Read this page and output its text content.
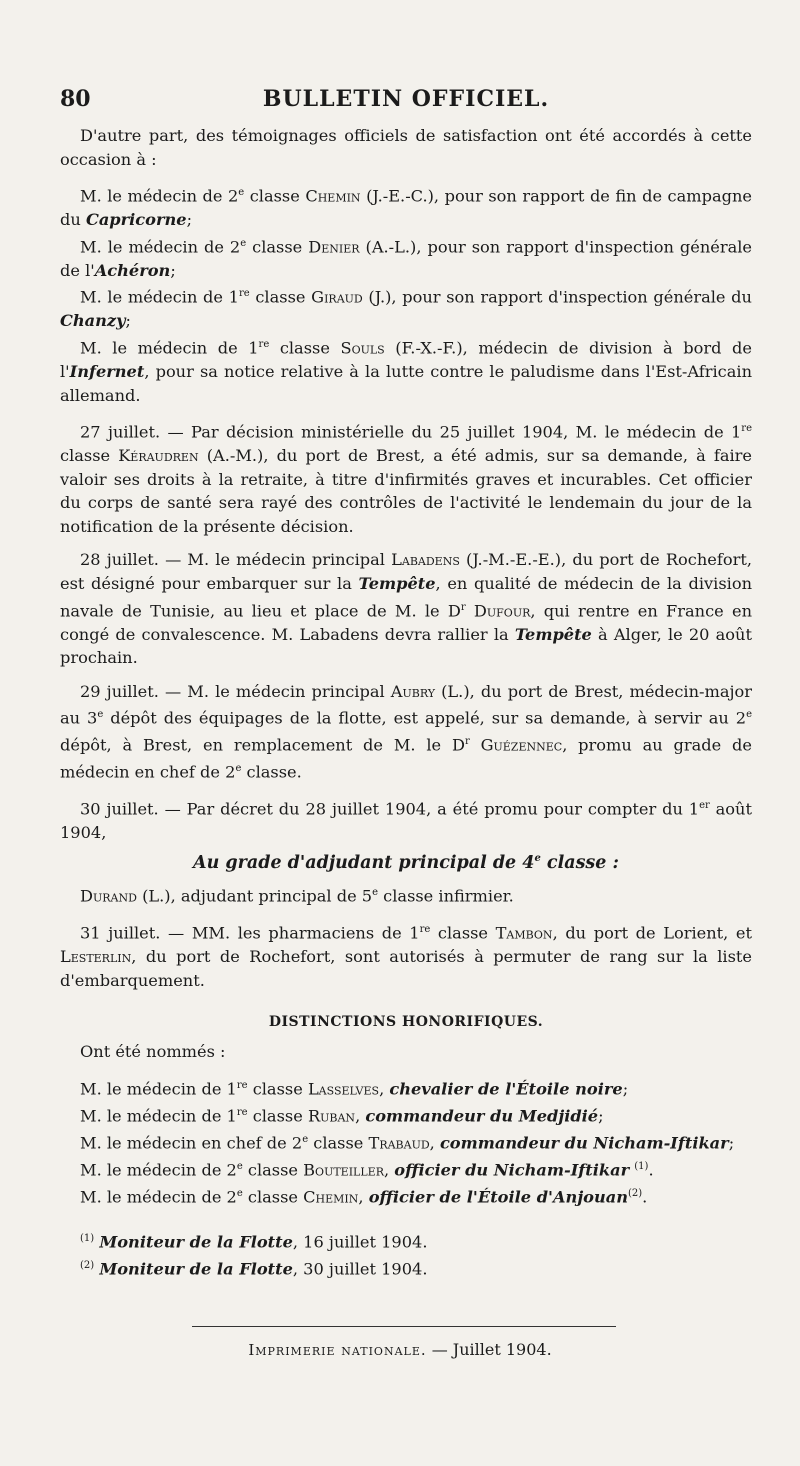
80	BULLETIN OFFICIEL.

D'autre part, des témoignages officiels de satisfaction ont été accordés à cette occasion à :

M. le médecin de 2e classe Chemin (J.-E.-C.), pour son rapport de fin de campagne du Capricorne;

M. le médecin de 2e classe Denier (A.-L.), pour son rapport d'inspection générale de l'Achéron;

M. le médecin de 1re classe Giraud (J.), pour son rapport d'inspection générale du Chanzy;

M. le médecin de 1re classe Souls (F.-X.-F.), médecin de division à bord de l'Infernet, pour sa notice relative à la lutte contre le paludisme dans l'Est-Africain allemand.

27 juillet. — Par décision ministérielle du 25 juillet 1904, M. le médecin de 1re classe Kéraudren (A.-M.), du port de Brest, a été admis, sur sa demande, à faire valoir ses droits à la retraite, à titre d'infirmités graves et incurables. Cet officier du corps de santé sera rayé des contrôles de l'activité le lendemain du jour de la notification de la présente décision.

28 juillet. — M. le médecin principal Labadens (J.-M.-E.-E.), du port de Rochefort, est désigné pour embarquer sur la Tempête, en qualité de médecin de la division navale de Tunisie, au lieu et place de M. le $D^r$ Dufour, qui rentre en France en congé de convalescence. M. Labadens devra rallier la Tempête à Alger, le 20 août prochain.

29 juillet. — M. le médecin principal Aubry (L.), du port de Brest, médecin-major au 3e dépôt des équipages de la flotte, est appelé, sur sa demande, à servir au 2e dépôt, à Brest, en remplacement de M. le $D^r$ Guézennec, promu au grade de médecin en chef de 2e classe.

30 juillet. — Par décret du 28 juillet 1904, a été promu pour compter du 1er août 1904,

Au grade d'adjudant principal de 4e classe :

Durand (L.), adjudant principal de 5e classe infirmier.

31 juillet. — MM. les pharmaciens de 1re classe Tambon, du port de Lorient, et Lesterlin, du port de Rochefort, sont autorisés à permuter de rang sur la liste d'embarquement.

DISTINCTIONS HONORIFIQUES.

Ont été nommés :

M. le médecin de 1re classe Lasselves, chevalier de l'Étoile noire;

M. le médecin de 1re classe Ruban, commandeur du Medjidié;

M. le médecin en chef de 2e classe Trabaud, commandeur du Nicham-Iftikar;

M. le médecin de 2e classe Bouteiller, officier du Nicham-Iftikar $^{(1)}$.

M. le médecin de 2e classe Chemin, officier de l'Étoile d'Anjouan$^{(2)}$.

$^{(1)}$ Moniteur de la Flotte, 16 juillet 1904.

$^{(2)}$ Moniteur de la Flotte, 30 juillet 1904.

Imprimerie nationale. — Juillet 1904.
